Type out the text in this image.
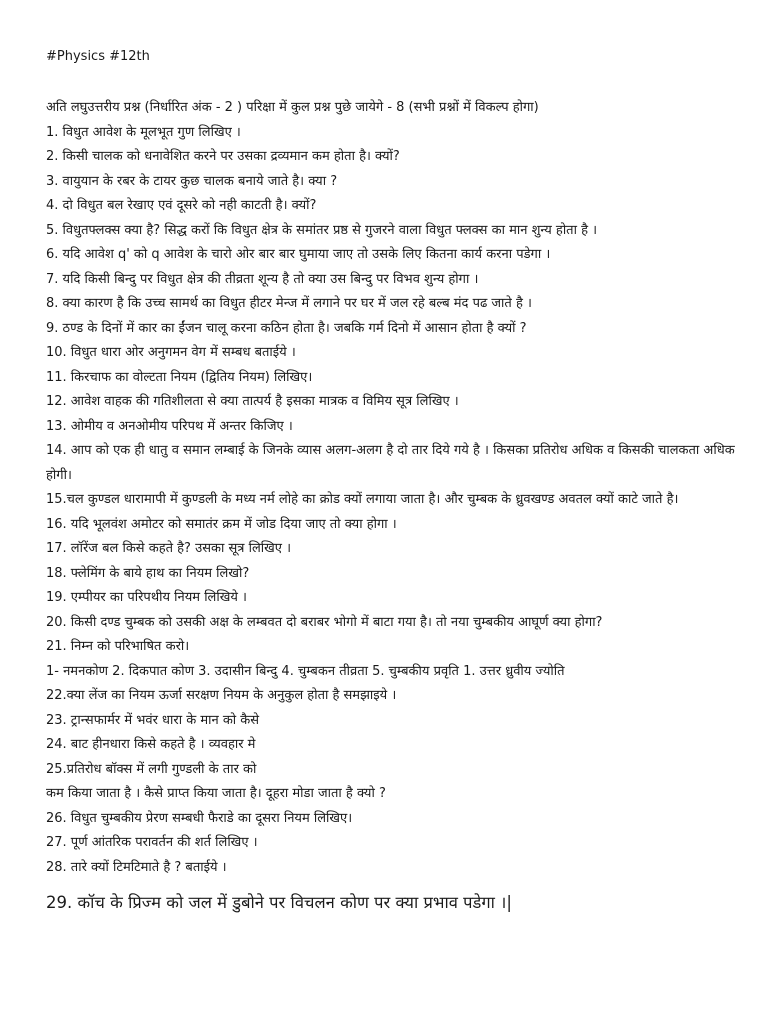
#Physics #12th
अति लघुउत्तरीय प्रश्न (निर्धारित अंक - 2 ) परिक्षा में कुल प्रश्न पुछे जायेगे - 8 (सभी प्रश्नों में विकल्प होगा)
1. विधुत आवेश के मूलभूत गुण लिखिए ।
2. किसी चालक को धनावेशित करने पर उसका द्रव्यमान कम होता है। क्यों?
3. वायुयान के रबर के टायर कुछ चालक बनाये जाते है। क्या ?
4. दो विधुत बल रेखाए एवं दूसरे को नही काटती है। क्यों?
5. विधुतफ्लक्स क्या है? सिद्ध करों कि विधुत क्षेत्र के समांतर प्रष्ठ से गुजरने वाला विधुत फ्लक्स का मान शुन्य होता है ।
6. यदि आवेश q' को q आवेश के चारो ओर बार बार घुमाया जाए तो उसके लिए कितना कार्य करना पडेगा ।
7. यदि किसी बिन्दु पर विधुत क्षेत्र की तीव्रता शून्य है तो क्या उस बिन्दु पर विभव शुन्य होगा ।
8. क्या कारण है कि उच्च सामर्थ का विधुत हीटर मेन्ज में लगाने पर घर में जल रहे बल्ब मंद पढ जाते है ।
9. ठण्ड के दिनों में कार का ईंजन चालू करना कठिन होता है। जबकि गर्म दिनो में आसान होता है क्यों ?
10. विधुत धारा ओर अनुगमन वेग में सम्बध बताईये ।
11. किरचाफ का वोल्टता नियम (द्वितिय नियम) लिखिए।
12. आवेश वाहक की गतिशीलता से क्या तात्पर्य है इसका मात्रक व विमिय सूत्र लिखिए ।
13. ओमीय व अनओमीय परिपथ में अन्तर किजिए ।
14. आप को एक ही धातु व समान लम्बाई के जिनके व्यास अलग-अलग है दो तार दिये गये है । किसका प्रतिरोध अधिक व किसकी चालकता अधिक होगी।
15.चल कुण्डल धारामापी में कुण्डली के मध्य नर्म लोहे का क्रोड क्यों लगाया जाता है। और चुम्बक के ध्रुवखण्ड अवतल क्यों काटे जाते है।
16. यदि भूलवंश अमोटर को समातंर क्रम में जोड दिया जाए तो क्या होगा ।
17. लॉरेंज बल किसे कहते है? उसका सूत्र लिखिए ।
18. फ्लेमिंग के बाये हाथ का नियम लिखो?
19. एम्पीयर का परिपथीय नियम लिखिये ।
20. किसी दण्ड चुम्बक को उसकी अक्ष के लम्बवत दो बराबर भोगो में बाटा गया है। तो नया चुम्बकीय आघूर्ण क्या होगा?
21. निम्न को परिभाषित करो।
1- नमनकोण 2. दिकपात कोण 3. उदासीन बिन्दु 4. चुम्बकन तीव्रता 5. चुम्बकीय प्रवृति 1. उत्तर ध्रुवीय ज्योति
22.क्या लेंज का नियम ऊर्जा सरक्षण नियम के अनुकुल होता है समझाइये ।
23. ट्रान्सफार्मर में भवंर धारा के मान को कैसे
24. बाट हीनधारा किसे कहते है । व्यवहार मे
25.प्रतिरोध बॉक्स में लगी गुण्डली के तार को
कम किया जाता है । कैसे प्राप्त किया जाता है। दूहरा मोडा जाता है क्यो ?
26. विधुत चुम्बकीय प्रेरण सम्बधी फैराडे का दूसरा नियम लिखिए।
27. पूर्ण आंतरिक परावर्तन की शर्त लिखिए ।
28. तारे क्यों टिमटिमाते है ? बताईये ।
29. कॉच के प्रिज्म को जल में डुबोने पर विचलन कोण पर क्या प्रभाव पडेगा ।|
